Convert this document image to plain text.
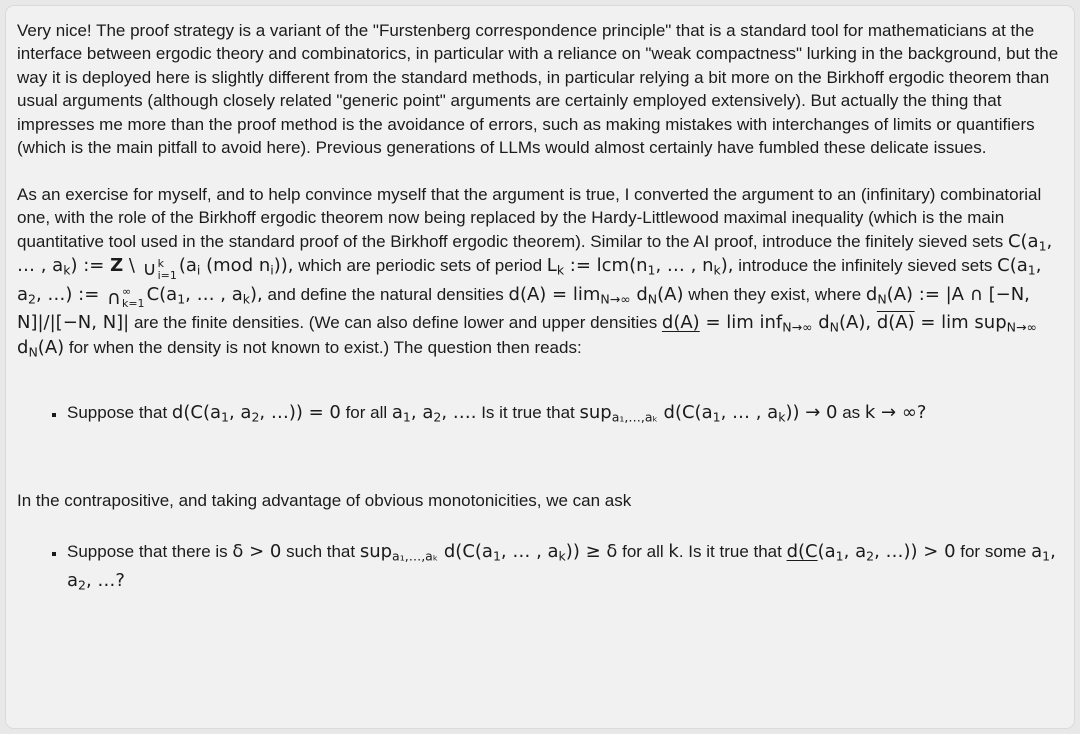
Very nice! The proof strategy is a variant of the "Furstenberg correspondence principle" that is a standard tool for mathematicians at the interface between ergodic theory and combinatorics, in particular with a reliance on "weak compactness" lurking in the background, but the way it is deployed here is slightly different from the standard methods, in particular relying a bit more on the Birkhoff ergodic theorem than usual arguments (although closely related "generic point" arguments are certainly employed extensively). But actually the thing that impresses me more than the proof method is the avoidance of errors, such as making mistakes with interchanges of limits or quantifiers (which is the main pitfall to avoid here). Previous generations of LLMs would almost certainly have fumbled these delicate issues.

As an exercise for myself, and to help convince myself that the argument is true, I converted the argument to an (infinitary) combinatorial one, with the role of the Birkhoff ergodic theorem now being replaced by the Hardy-Littlewood maximal inequality (which is the main quantitative tool used in the standard proof of the Birkhoff ergodic theorem). Similar to the AI proof, introduce the finitely sieved sets $C(a_1$, … , $a_k$) := Z \ ∪ k
i=1 ($a_i$ (mod $n_i$)), which are periodic sets of period $L_k$ := $lcm(n_1$, … , $n_k$), introduce the infinitely sieved sets $C(a_1$, $a_2$, …) := ∩ ∞
k=1 $C(a_1$, … , $a_k$), and define the natural densities $d(A) = \lim_{N\to\infty} d_N(A)$ when they exist, where $d_N(A)$ := |A ∩ [−N, N]|/|[−N, N]| are the finite densities. (We can also define lower and upper densities d(A) = lim inf$_{N\to\infty}$ $d_N(A)$, d(A) = lim sup$_{N\to\infty}$ $d_N(A)$ for when the density is not known to exist.) The question then reads:

▪ Suppose that $d(C(a_1$, $a_2$, …)) = 0 for all $a_1$, $a_2$, …. Is it true that sup$_{a_1,\dots,a_k}$ $d(C(a_1$, … , $a_k)) \to 0$ as k → ∞?

In the contrapositive, and taking advantage of obvious monotonicities, we can ask

▪ Suppose that there is δ > 0 such that sup$_{a_1,\dots,a_k}$ $d(C(a_1$, … , $a_k)) \ge \delta$ for all k. Is it true that $d(C(a_1$, $a_2$, …)) > 0 for some $a_1$, $a_2$, …?
